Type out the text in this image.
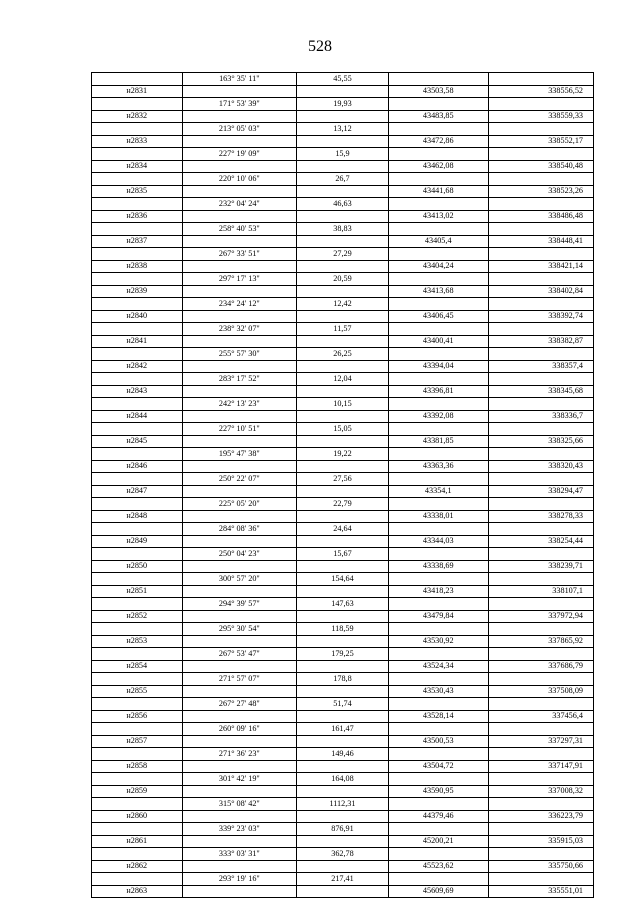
528
	163° 35' 11"	45,55		
н2831			43503,58	338556,52
	171° 53' 39"	19,93		
н2832			43483,85	338559,33
	213° 05' 03"	13,12		
н2833			43472,86	338552,17
	227° 19' 09"	15,9		
н2834			43462,08	338540,48
	220° 10' 06"	26,7		
н2835			43441,68	338523,26
	232° 04' 24"	46,63		
н2836			43413,02	338486,48
	258° 40' 53"	38,83		
н2837			43405,4	338448,41
	267° 33' 51"	27,29		
н2838			43404,24	338421,14
	297° 17' 13"	20,59		
н2839			43413,68	338402,84
	234° 24' 12"	12,42		
н2840			43406,45	338392,74
	238° 32' 07"	11,57		
н2841			43400,41	338382,87
	255° 57' 30"	26,25		
н2842			43394,04	338357,4
	283° 17' 52"	12,04		
н2843			43396,81	338345,68
	242° 13' 23"	10,15		
н2844			43392,08	338336,7
	227° 10' 51"	15,05		
н2845			43381,85	338325,66
	195° 47' 38"	19,22		
н2846			43363,36	338320,43
	250° 22' 07"	27,56		
н2847			43354,1	338294,47
	225° 05' 20"	22,79		
н2848			43338,01	338278,33
	284° 08' 36"	24,64		
н2849			43344,03	338254,44
	250° 04' 23"	15,67		
н2850			43338,69	338239,71
	300° 57' 20"	154,64		
н2851			43418,23	338107,1
	294° 39' 57"	147,63		
н2852			43479,84	337972,94
	295° 30' 54"	118,59		
н2853			43530,92	337865,92
	267° 53' 47"	179,25		
н2854			43524,34	337686,79
	271° 57' 07"	178,8		
н2855			43530,43	337508,09
	267° 27' 48"	51,74		
н2856			43528,14	337456,4
	260° 09' 16"	161,47		
н2857			43500,53	337297,31
	271° 36' 23"	149,46		
н2858			43504,72	337147,91
	301° 42' 19"	164,08		
н2859			43590,95	337008,32
	315° 08' 42"	1112,31		
н2860			44379,46	336223,79
	339° 23' 03"	876,91		
н2861			45200,21	335915,03
	333° 03' 31"	362,78		
н2862			45523,62	335750,66
	293° 19' 16"	217,41		
н2863			45609,69	335551,01
